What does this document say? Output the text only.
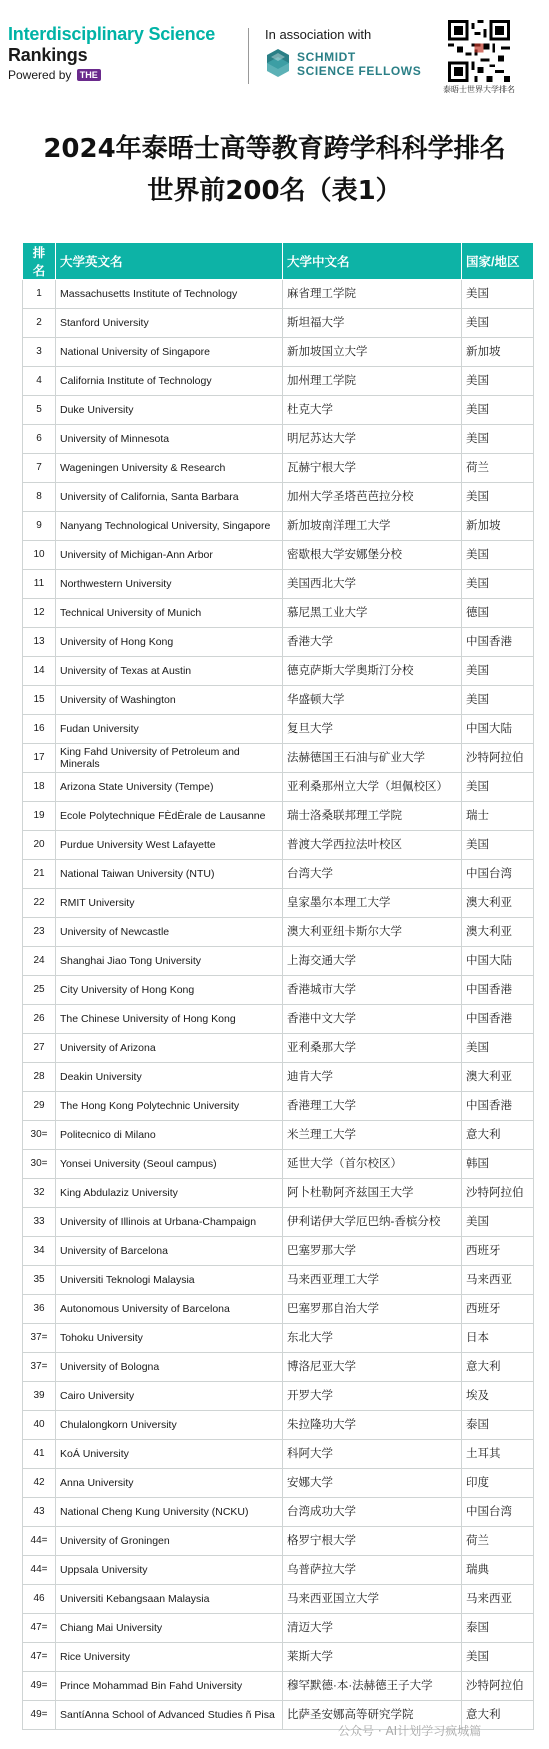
Interdisciplinary Science
Rankings
Powered by THE
In association with
SCHMIDT
SCIENCE FELLOWS
泰晤士世界大学排名
2024年泰晤士高等教育跨学科科学排名
世界前200名（表1）
排名	大学英文名	大学中文名	国家/地区
1	Massachusetts Institute of Technology	麻省理工学院	美国
2	Stanford University	斯坦福大学	美国
3	National University of Singapore	新加坡国立大学	新加坡
4	California Institute of Technology	加州理工学院	美国
5	Duke University	杜克大学	美国
6	University of Minnesota	明尼苏达大学	美国
7	Wageningen University & Research	瓦赫宁根大学	荷兰
8	University of California, Santa Barbara	加州大学圣塔芭芭拉分校	美国
9	Nanyang Technological University, Singapore	新加坡南洋理工大学	新加坡
10	University of Michigan-Ann Arbor	密歇根大学安娜堡分校	美国
11	Northwestern University	美国西北大学	美国
12	Technical University of Munich	慕尼黑工业大学	德国
13	University of Hong Kong	香港大学	中国香港
14	University of Texas at Austin	德克萨斯大学奥斯汀分校	美国
15	University of Washington	华盛顿大学	美国
16	Fudan University	复旦大学	中国大陆
17	King Fahd University of Petroleum and Minerals	法赫德国王石油与矿业大学	沙特阿拉伯
18	Arizona State University (Tempe)	亚利桑那州立大学（坦佩校区）	美国
19	Ecole Polytechnique FÈdÈrale de Lausanne	瑞士洛桑联邦理工学院	瑞士
20	Purdue University West Lafayette	普渡大学西拉法叶校区	美国
21	National Taiwan University (NTU)	台湾大学	中国台湾
22	RMIT University	皇家墨尔本理工大学	澳大利亚
23	University of Newcastle	澳大利亚纽卡斯尔大学	澳大利亚
24	Shanghai Jiao Tong University	上海交通大学	中国大陆
25	City University of Hong Kong	香港城市大学	中国香港
26	The Chinese University of Hong Kong	香港中文大学	中国香港
27	University of Arizona	亚利桑那大学	美国
28	Deakin University	迪肯大学	澳大利亚
29	The Hong Kong Polytechnic University	香港理工大学	中国香港
30=	Politecnico di Milano	米兰理工大学	意大利
30=	Yonsei University (Seoul campus)	延世大学（首尔校区）	韩国
32	King Abdulaziz University	阿卜杜勒阿齐兹国王大学	沙特阿拉伯
33	University of Illinois at Urbana-Champaign	伊利诺伊大学厄巴纳-香槟分校	美国
34	University of Barcelona	巴塞罗那大学	西班牙
35	Universiti Teknologi Malaysia	马来西亚理工大学	马来西亚
36	Autonomous University of Barcelona	巴塞罗那自治大学	西班牙
37=	Tohoku University	东北大学	日本
37=	University of Bologna	博洛尼亚大学	意大利
39	Cairo University	开罗大学	埃及
40	Chulalongkorn University	朱拉隆功大学	泰国
41	KoÁ University	科阿大学	土耳其
42	Anna University	安娜大学	印度
43	National Cheng Kung University (NCKU)	台湾成功大学	中国台湾
44=	University of Groningen	格罗宁根大学	荷兰
44=	Uppsala University	乌普萨拉大学	瑞典
46	Universiti Kebangsaan Malaysia	马来西亚国立大学	马来西亚
47=	Chiang Mai University	清迈大学	泰国
47=	Rice University	莱斯大学	美国
49=	Prince Mohammad Bin Fahd University	穆罕默德·本·法赫德王子大学	沙特阿拉伯
49=	SantíAnna School of Advanced Studies ñ Pisa	比萨圣安娜高等研究学院	意大利
公众号 · AI计划学习疯城篇
